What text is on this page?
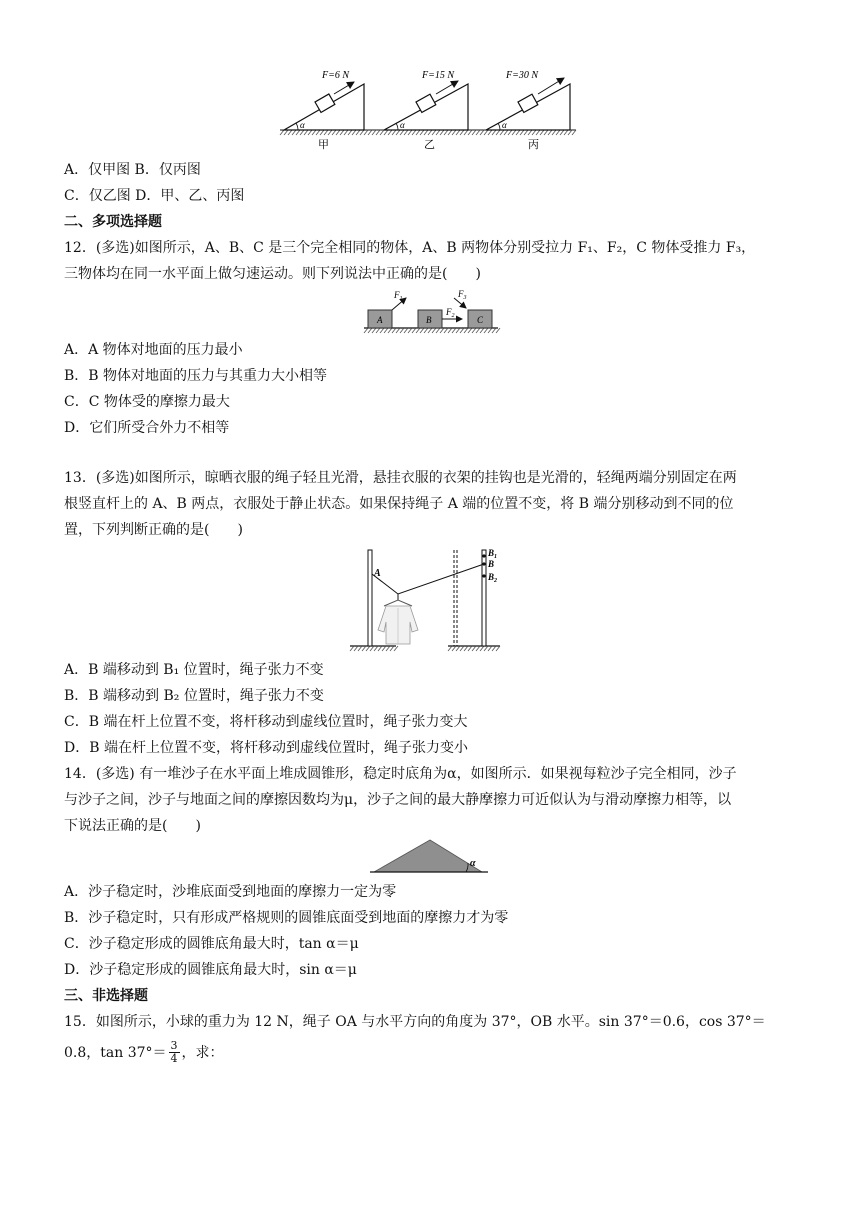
F=6 N
α
甲
F=15 N
α
乙
F=30 N
α
丙
A．仅甲图 B．仅丙图
C．仅乙图 D．甲、乙、丙图
二、多项选择题
12．(多选)如图所示，A、B、C 是三个完全相同的物体，A、B 两物体分别受拉力 F₁、F₂，C 物体受推力 F₃，
三物体均在同一水平面上做匀速运动。则下列说法中正确的是(　　)
A	B	C
$F_1$
$F_2$
$F_3$
A．A 物体对地面的压力最小
B．B 物体对地面的压力与其重力大小相等
C．C 物体受的摩擦力最大
D．它们所受合外力不相等
13．(多选)如图所示，晾晒衣服的绳子轻且光滑，悬挂衣服的衣架的挂钩也是光滑的，轻绳两端分别固定在两
根竖直杆上的 A、B 两点，衣服处于静止状态。如果保持绳子 A 端的位置不变，将 B 端分别移动到不同的位
置，下列判断正确的是(　　)
A
$B_1$
B
$B_2$
A．B 端移动到 B₁ 位置时，绳子张力不变
B．B 端移动到 B₂ 位置时，绳子张力不变
C．B 端在杆上位置不变，将杆移动到虚线位置时，绳子张力变大
D．B 端在杆上位置不变，将杆移动到虚线位置时，绳子张力变小
14．(多选) 有一堆沙子在水平面上堆成圆锥形，稳定时底角为α，如图所示．如果视每粒沙子完全相同，沙子
与沙子之间，沙子与地面之间的摩擦因数均为μ，沙子之间的最大静摩擦力可近似认为与滑动摩擦力相等，以
下说法正确的是(　　)
α
A．沙子稳定时，沙堆底面受到地面的摩擦力一定为零
B．沙子稳定时，只有形成严格规则的圆锥底面受到地面的摩擦力才为零
C．沙子稳定形成的圆锥底角最大时，tan α＝μ
D．沙子稳定形成的圆锥底角最大时，sin α＝μ
三、非选择题
15．如图所示，小球的重力为 12 N，绳子 OA 与水平方向的角度为 37°，OB 水平。sin 37°＝0.6，cos 37°＝
0.8，$\tan 37^\circ= \frac{3}{4}$ ，求：
